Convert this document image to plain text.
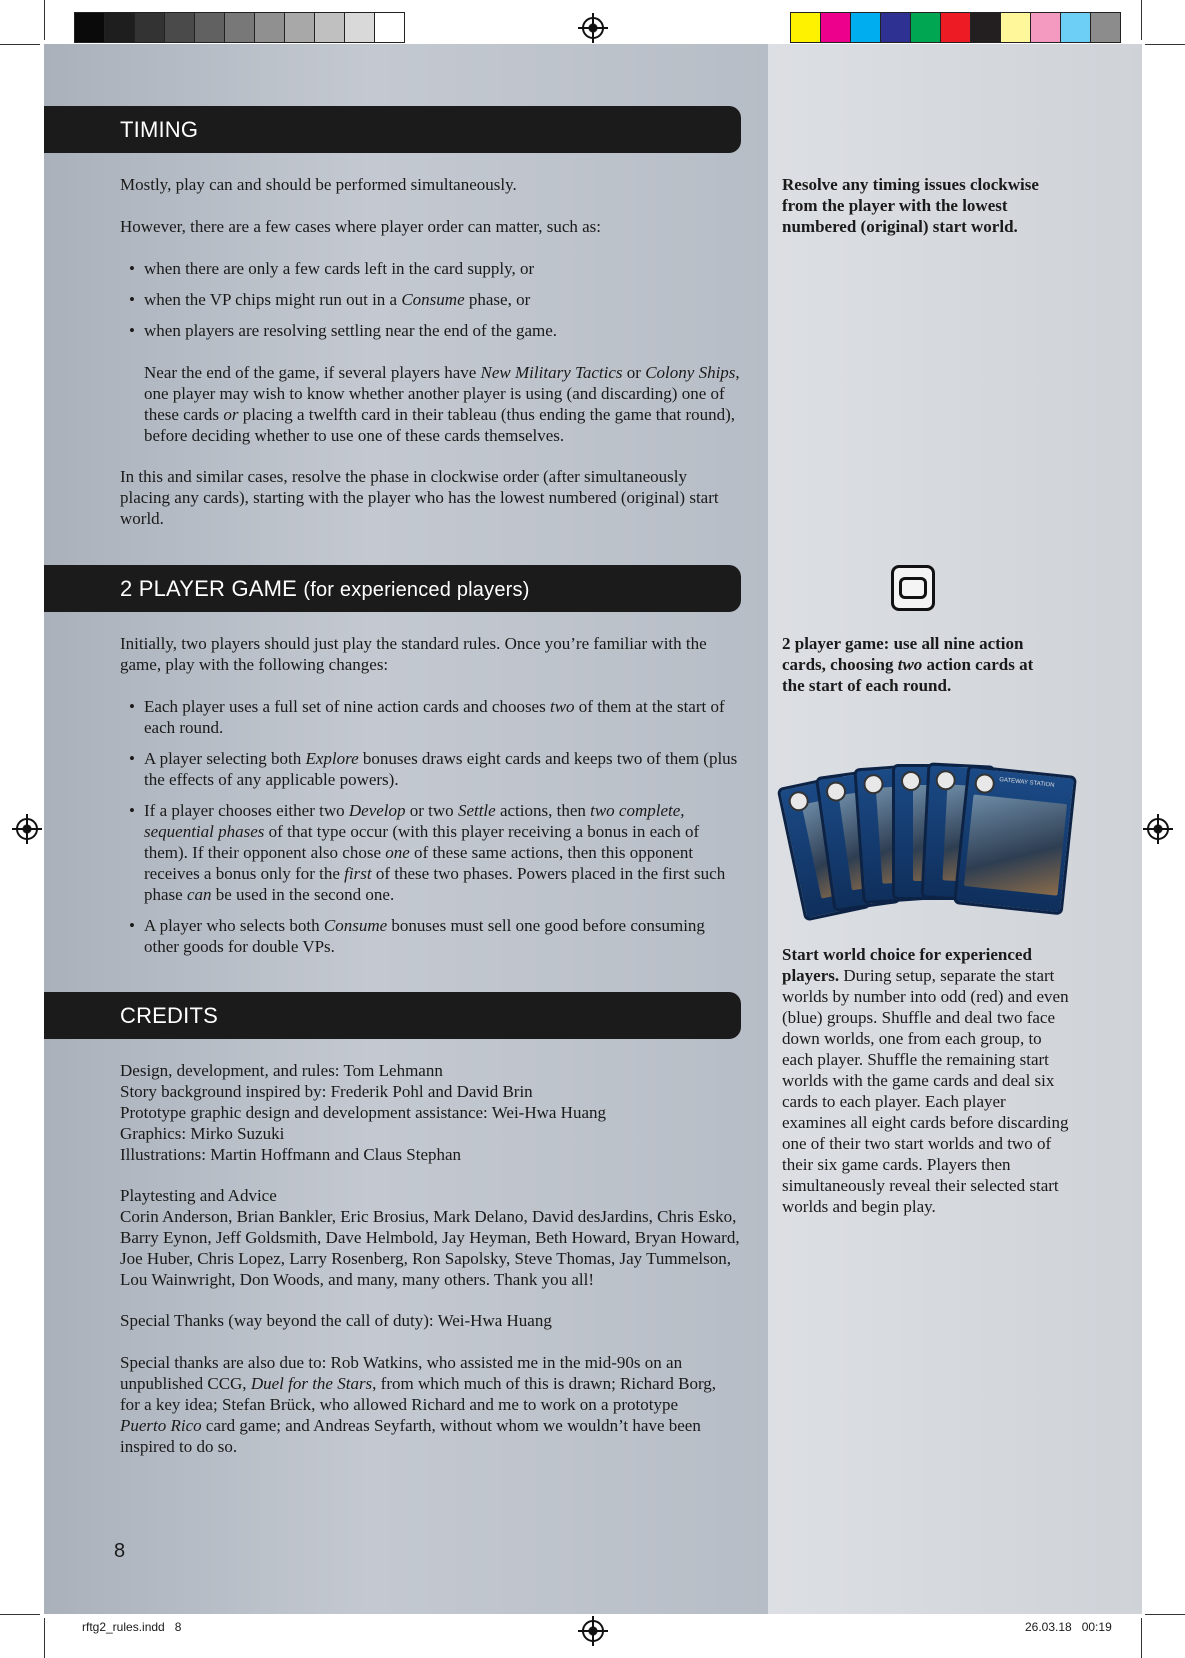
TIMING
Mostly, play can and should be performed simultaneously.
However, there are a few cases where player order can matter, such as:
• when there are only a few cards left in the card supply, or
• when the VP chips might run out in a Consume phase, or
• when players are resolving settling near the end of the game.
Near the end of the game, if several players have New Military Tactics or Colony Ships, one player may wish to know whether another player is using (and discarding) one of these cards or placing a twelfth card in their tableau (thus ending the game that round), before deciding whether to use one of these cards themselves.
In this and similar cases, resolve the phase in clockwise order (after simultaneously placing any cards), starting with the player who has the lowest numbered (original) start world.
Resolve any timing issues clockwise from the player with the lowest numbered (original) start world.
2 PLAYER GAME (for experienced players)
Initially, two players should just play the standard rules. Once you’re familiar with the game, play with the following changes:
• Each player uses a full set of nine action cards and chooses two of them at the start of each round.
• A player selecting both Explore bonuses draws eight cards and keeps two of them (plus the effects of any applicable powers).
• If a player chooses either two Develop or two Settle actions, then two complete, sequential phases of that type occur (with this player receiving a bonus in each of them). If their opponent also chose one of these same actions, then this opponent receives a bonus only for the first of these two phases. Powers placed in the first such phase can be used in the second one.
• A player who selects both Consume bonuses must sell one good before consuming other goods for double VPs.
2 player game: use all nine action cards, choosing two action cards at the start of each round.
GATEWAY STATION
Start world choice for experienced players. During setup, separate the start worlds by number into odd (red) and even (blue) groups. Shuffle and deal two face down worlds, one from each group, to each player. Shuffle the remaining start worlds with the game cards and deal six cards to each player. Each player examines all eight cards before discarding one of their two start worlds and two of their six game cards. Players then simultaneously reveal their selected start worlds and begin play.
CREDITS
Design, development, and rules: Tom Lehmann
Story background inspired by: Frederik Pohl and David Brin
Prototype graphic design and development assistance: Wei-Hwa Huang
Graphics: Mirko Suzuki
Illustrations: Martin Hoffmann and Claus Stephan
Playtesting and Advice
Corin Anderson, Brian Bankler, Eric Brosius, Mark Delano, David desJardins, Chris Esko, Barry Eynon, Jeff Goldsmith, Dave Helmbold, Jay Heyman, Beth Howard, Bryan Howard, Joe Huber, Chris Lopez, Larry Rosenberg, Ron Sapolsky, Steve Thomas, Jay Tummelson, Lou Wainwright, Don Woods, and many, many others. Thank you all!
Special Thanks (way beyond the call of duty): Wei-Hwa Huang
Special thanks are also due to: Rob Watkins, who assisted me in the mid-90s on an unpublished CCG, Duel for the Stars, from which much of this is drawn; Richard Borg, for a key idea; Stefan Brück, who allowed Richard and me to work on a prototype Puerto Rico card game; and Andreas Seyfarth, without whom we wouldn’t have been inspired to do so.
8
rftg2_rules.indd   8	26.03.18   00:19
